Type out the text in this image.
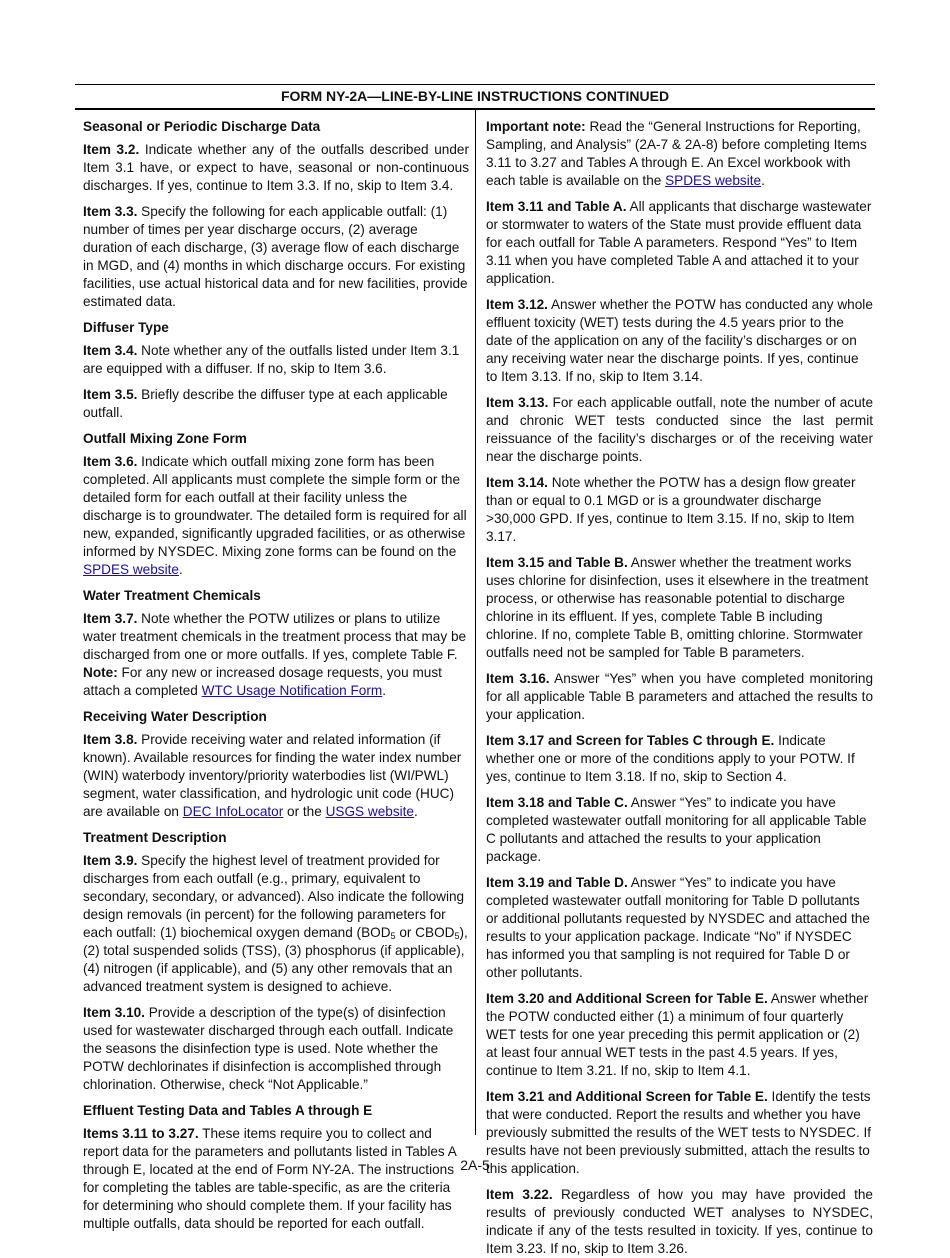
FORM NY-2A—LINE-BY-LINE INSTRUCTIONS CONTINUED
Seasonal or Periodic Discharge Data

Item 3.2. Indicate whether any of the outfalls described under Item 3.1 have, or expect to have, seasonal or non-continuous discharges. If yes, continue to Item 3.3. If no, skip to Item 3.4.

Item 3.3. Specify the following for each applicable outfall: (1) number of times per year discharge occurs, (2) average duration of each discharge, (3) average flow of each discharge in MGD, and (4) months in which discharge occurs. For existing facilities, use actual historical data and for new facilities, provide estimated data.

Diffuser Type

Item 3.4. Note whether any of the outfalls listed under Item 3.1 are equipped with a diffuser. If no, skip to Item 3.6.

Item 3.5. Briefly describe the diffuser type at each applicable outfall.

Outfall Mixing Zone Form

Item 3.6. Indicate which outfall mixing zone form has been completed. All applicants must complete the simple form or the detailed form for each outfall at their facility unless the discharge is to groundwater. The detailed form is required for all new, expanded, significantly upgraded facilities, or as otherwise informed by NYSDEC. Mixing zone forms can be found on the SPDES website.

Water Treatment Chemicals

Item 3.7. Note whether the POTW utilizes or plans to utilize water treatment chemicals in the treatment process that may be discharged from one or more outfalls. If yes, complete Table F.
Note: For any new or increased dosage requests, you must attach a completed WTC Usage Notification Form.

Receiving Water Description

Item 3.8. Provide receiving water and related information (if known). Available resources for finding the water index number (WIN) waterbody inventory/priority waterbodies list (WI/PWL) segment, water classification, and hydrologic unit code (HUC) are available on DEC InfoLocator or the USGS website.

Treatment Description

Item 3.9. Specify the highest level of treatment provided for discharges from each outfall (e.g., primary, equivalent to secondary, secondary, or advanced). Also indicate the following design removals (in percent) for the following parameters for each outfall: (1) biochemical oxygen demand ($BOD_5$ or $CBOD_5$), (2) total suspended solids (TSS), (3) phosphorus (if applicable), (4) nitrogen (if applicable), and (5) any other removals that an advanced treatment system is designed to achieve.

Item 3.10. Provide a description of the type(s) of disinfection used for wastewater discharged through each outfall. Indicate the seasons the disinfection type is used. Note whether the POTW dechlorinates if disinfection is accomplished through chlorination. Otherwise, check “Not Applicable.”

Effluent Testing Data and Tables A through E

Items 3.11 to 3.27. These items require you to collect and report data for the parameters and pollutants listed in Tables A through E, located at the end of Form NY-2A. The instructions for completing the tables are table-specific, as are the criteria for determining who should complete them. If your facility has multiple outfalls, data should be reported for each outfall.

Important note: Read the “General Instructions for Reporting, Sampling, and Analysis” (2A-7 & 2A-8) before completing Items 3.11 to 3.27 and Tables A through E. An Excel workbook with each table is available on the SPDES website.

Item 3.11 and Table A. All applicants that discharge wastewater or stormwater to waters of the State must provide effluent data for each outfall for Table A parameters. Respond “Yes” to Item 3.11 when you have completed Table A and attached it to your application.

Item 3.12. Answer whether the POTW has conducted any whole effluent toxicity (WET) tests during the 4.5 years prior to the date of the application on any of the facility’s discharges or on any receiving water near the discharge points. If yes, continue to Item 3.13. If no, skip to Item 3.14.

Item 3.13. For each applicable outfall, note the number of acute and chronic WET tests conducted since the last permit reissuance of the facility’s discharges or of the receiving water near the discharge points.

Item 3.14. Note whether the POTW has a design flow greater than or equal to 0.1 MGD or is a groundwater discharge >30,000 GPD. If yes, continue to Item 3.15. If no, skip to Item 3.17.

Item 3.15 and Table B. Answer whether the treatment works uses chlorine for disinfection, uses it elsewhere in the treatment process, or otherwise has reasonable potential to discharge chlorine in its effluent. If yes, complete Table B including chlorine. If no, complete Table B, omitting chlorine. Stormwater outfalls need not be sampled for Table B parameters.

Item 3.16. Answer “Yes” when you have completed monitoring for all applicable Table B parameters and attached the results to your application.

Item 3.17 and Screen for Tables C through E. Indicate whether one or more of the conditions apply to your POTW. If yes, continue to Item 3.18. If no, skip to Section 4.

Item 3.18 and Table C. Answer “Yes” to indicate you have completed wastewater outfall monitoring for all applicable Table C pollutants and attached the results to your application package.

Item 3.19 and Table D. Answer “Yes” to indicate you have completed wastewater outfall monitoring for Table D pollutants or additional pollutants requested by NYSDEC and attached the results to your application package. Indicate “No” if NYSDEC has informed you that sampling is not required for Table D or other pollutants.

Item 3.20 and Additional Screen for Table E. Answer whether the POTW conducted either (1) a minimum of four quarterly WET tests for one year preceding this permit application or (2) at least four annual WET tests in the past 4.5 years. If yes, continue to Item 3.21. If no, skip to Item 4.1.

Item 3.21 and Additional Screen for Table E. Identify the tests that were conducted. Report the results and whether you have previously submitted the results of the WET tests to NYSDEC. If results have not been previously submitted, attach the results to this application.

Item 3.22. Regardless of how you may have provided the results of previously conducted WET analyses to NYSDEC, indicate if any of the tests resulted in toxicity. If yes, continue to Item 3.23. If no, skip to Item 3.26.

2A-5
